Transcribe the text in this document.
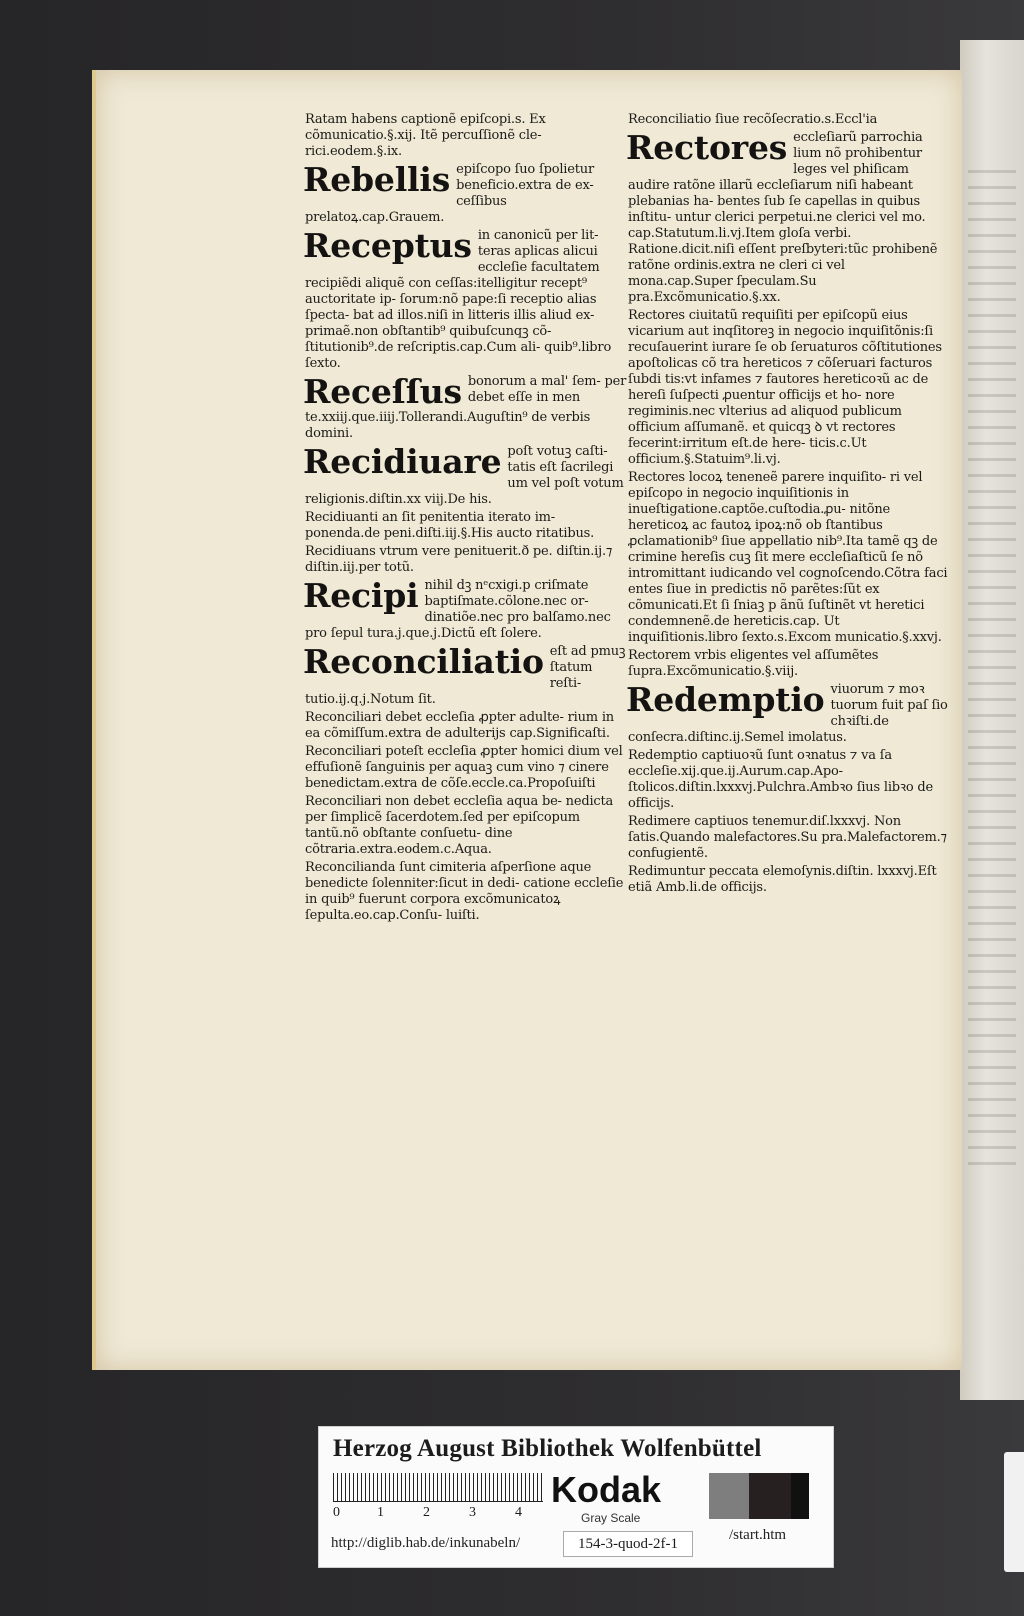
Ratam habens captionẽ epiſcopi.s. Ex cõmunicatio.§.xij. Itẽ percuſſionẽ cle- rici.eodem.§.ix.
Rebellis epiſcopo ſuo ſpolietur beneficio.extra de ex- ceſſibus prelatoꝝ.cap.Grauem.
Receptus in canonicũ per lit- teras aplicas alicui eccleſie facultatem recipiẽdi aliquẽ con ceſſas:itelligitur recept⁹ auctoritate ip- ſorum:nõ pape:ſi receptio alias ſpecta- bat ad illos.niſi in litteris illis aliud ex- primaẽ.non obſtantib⁹ quibuſcunqꝫ cõ- ſtitutionib⁹.de reſcriptis.cap.Cum ali- quib⁹.libro ſexto.
Receſſus bonorum a mal' ſem- per debet eſſe in men te.xxiij.que.iiij.Tollerandi.Auguſtin⁹ de verbis domini.
Recidiuare poſt votuꝫ caſti- tatis eſt ſacrilegi um vel poſt votum religionis.diſtin.xx viij.De his.
Recidiuanti an ſit penitentia iterato im- ponenda.de peni.diſti.iij.§.His aucto ritatibus.
Recidiuans vtrum vere penituerit.ð pe. diſtin.ij.⁊ diſtin.iij.per totũ.
Recipi nihil dꝫ nᵉcxigi.p criſmate baptiſmate.cõlone.nec or- dinatiõe.nec pro balſamo.nec pro ſepul tura.j.que.j.Dictũ eſt ſolere.
Reconciliatio eſt ad pmuꝫ ſtatum reſti- tutio.ij.q.j.Notum ſit.
Reconciliari debet eccleſia ꝓpter adulte- rium in ea cõmiſſum.extra de adulterijs cap.Significaſti.
Reconciliari poteſt eccleſia ꝓpter homici dium vel effuſionẽ ſanguinis per aquaꝫ cum vino ⁊ cinere benedictam.extra de cõſe.eccle.ca.Propoſuiſti
Reconciliari non debet eccleſia aqua be- nedicta per ſimplicẽ ſacerdotem.ſed per epiſcopum tantũ.nõ obſtante conſuetu- dine cõtraria.extra.eodem.c.Aqua.
Reconcilianda ſunt cimiteria aſperſione aque benedicte ſolenniter:ſicut in dedi- catione eccleſie in quib⁹ fuerunt corpora excõmunicatoꝝ ſepulta.eo.cap.Conſu- luiſti.
Reconciliatio ſiue recõſecratio.s.Eccl'ia
Rectores eccleſiarũ parrochia lium nõ prohibentur leges vel phiſicam audire ratõne illarũ eccleſiarum niſi habeant plebanias ha- bentes ſub ſe capellas in quibus inſtitu- untur clerici perpetui.ne clerici vel mo. cap.Statutum.li.vj.Item gloſa verbi. Ratione.dicit.niſi eſſent preſbyteri:tũc prohibenẽ ratõne ordinis.extra ne cleri ci vel mona.cap.Super ſpeculam.Su pra.Excõmunicatio.§.xx.
Rectores ciuitatũ requiſiti per epiſcopũ eius vicarium aut inqſitoreꝫ in negocio inquiſitõnis:ſi recuſauerint iurare ſe ob ſeruaturos cõſtitutiones apoſtolicas cõ tra hereticos ⁊ cõſeruari facturos ſubdi tis:vt infames ⁊ fautores hereticoꝛũ ac de hereſi ſuſpecti ꝓuentur officijs et ho- nore regiminis.nec vlterius ad aliquod publicum officium aſſumanẽ. et quicqꝫ ꝺ vt rectores fecerint:irritum eſt.de here- ticis.c.Ut officium.§.Statuim⁹.li.vj.
Rectores locoꝝ teneneẽ parere inquiſito- ri vel epiſcopo in negocio inquiſitionis in inueſtigatione.captõe.cuſtodia.ꝓu- nitõne hereticoꝝ ac fautoꝝ ipoꝝ:nõ ob ſtantibus ꝓclamationib⁹ ſiue appellatio nib⁹.Ita tamẽ qꝫ de crimine hereſis cuꝫ ſit mere eccleſiaſticũ ſe nõ intromittant iudicando vel cognoſcendo.Cõtra faci entes ſiue in predictis nõ parẽtes:ſũt ex cõmunicati.Et ſi ſniaꝫ p ãnũ ſuſtinẽt vt heretici condemnenẽ.de hereticis.cap. Ut inquiſitionis.libro ſexto.s.Excom municatio.§.xxvj.
Rectorem vrbis eligentes vel aſſumẽtes ſupra.Excõmunicatio.§.viij.
Redemptio viuorum ⁊ moꝛ tuorum fuit paſ ſio chꝛiſti.de conſecra.diſtinc.ij.Semel imolatus.
Redemptio captiuoꝛũ ſunt oꝛnatus ⁊ va ſa eccleſie.xij.que.ij.Aurum.cap.Apo- ſtolicos.diſtin.lxxxvj.Pulchra.Ambꝛo ſius libꝛo de officijs.
Redimere captiuos tenemur.diſ.lxxxvj. Non ſatis.Quando malefactores.Su pra.Malefactorem.⁊ confugientẽ.
Redimuntur peccata elemoſynis.diſtin. lxxxvj.Eſt etiã Amb.li.de officijs.
Herzog August Bibliothek Wolfenbüttel
0	1	2	3	4
Kodak
Gray Scale
http://diglib.hab.de/inkunabeln/	154-3-quod-2f-1
/start.htm
